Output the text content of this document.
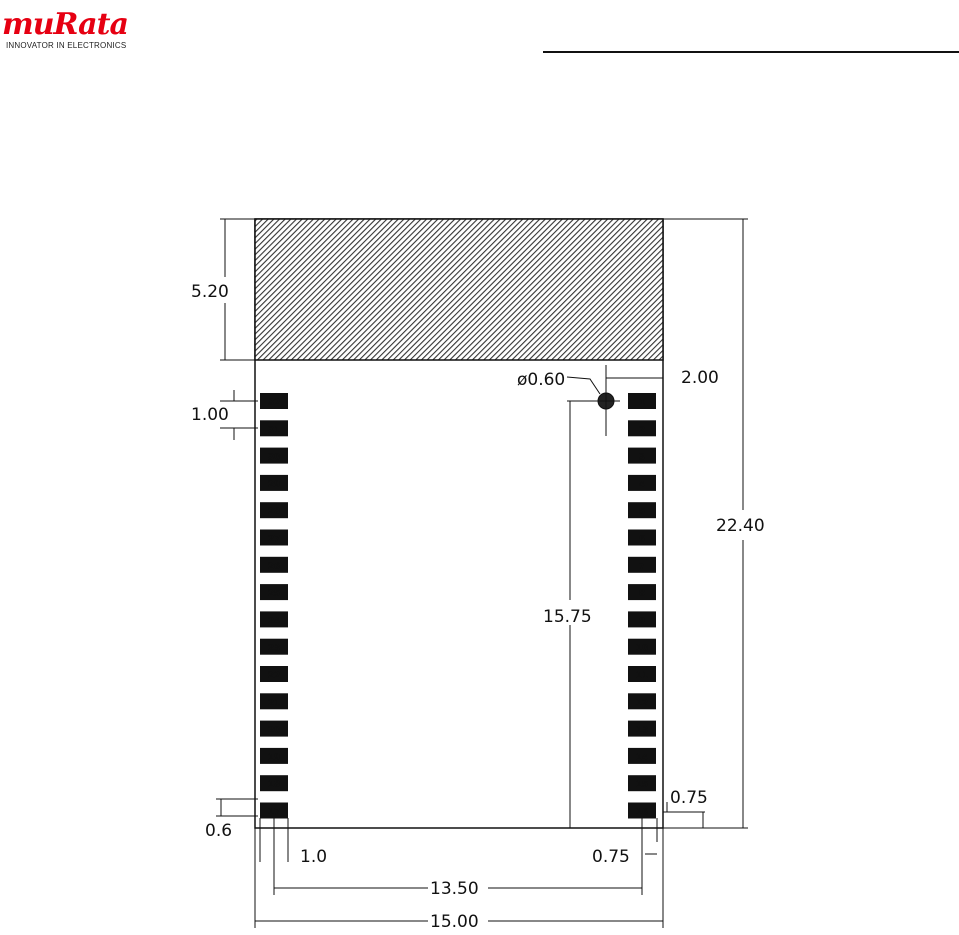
muRata
INNOVATOR IN ELECTRONICS
32
31
30
29
28
27
26
25
24
23
22
21
20
19
18
17
1
2
3
4
5
6
7
8
9
10
11
12
13
14
15
16
5.20
1.00
ø0.60	2.00
22.40
15.75
0.75
0.6
1.0	0.75
13.50
15.00
